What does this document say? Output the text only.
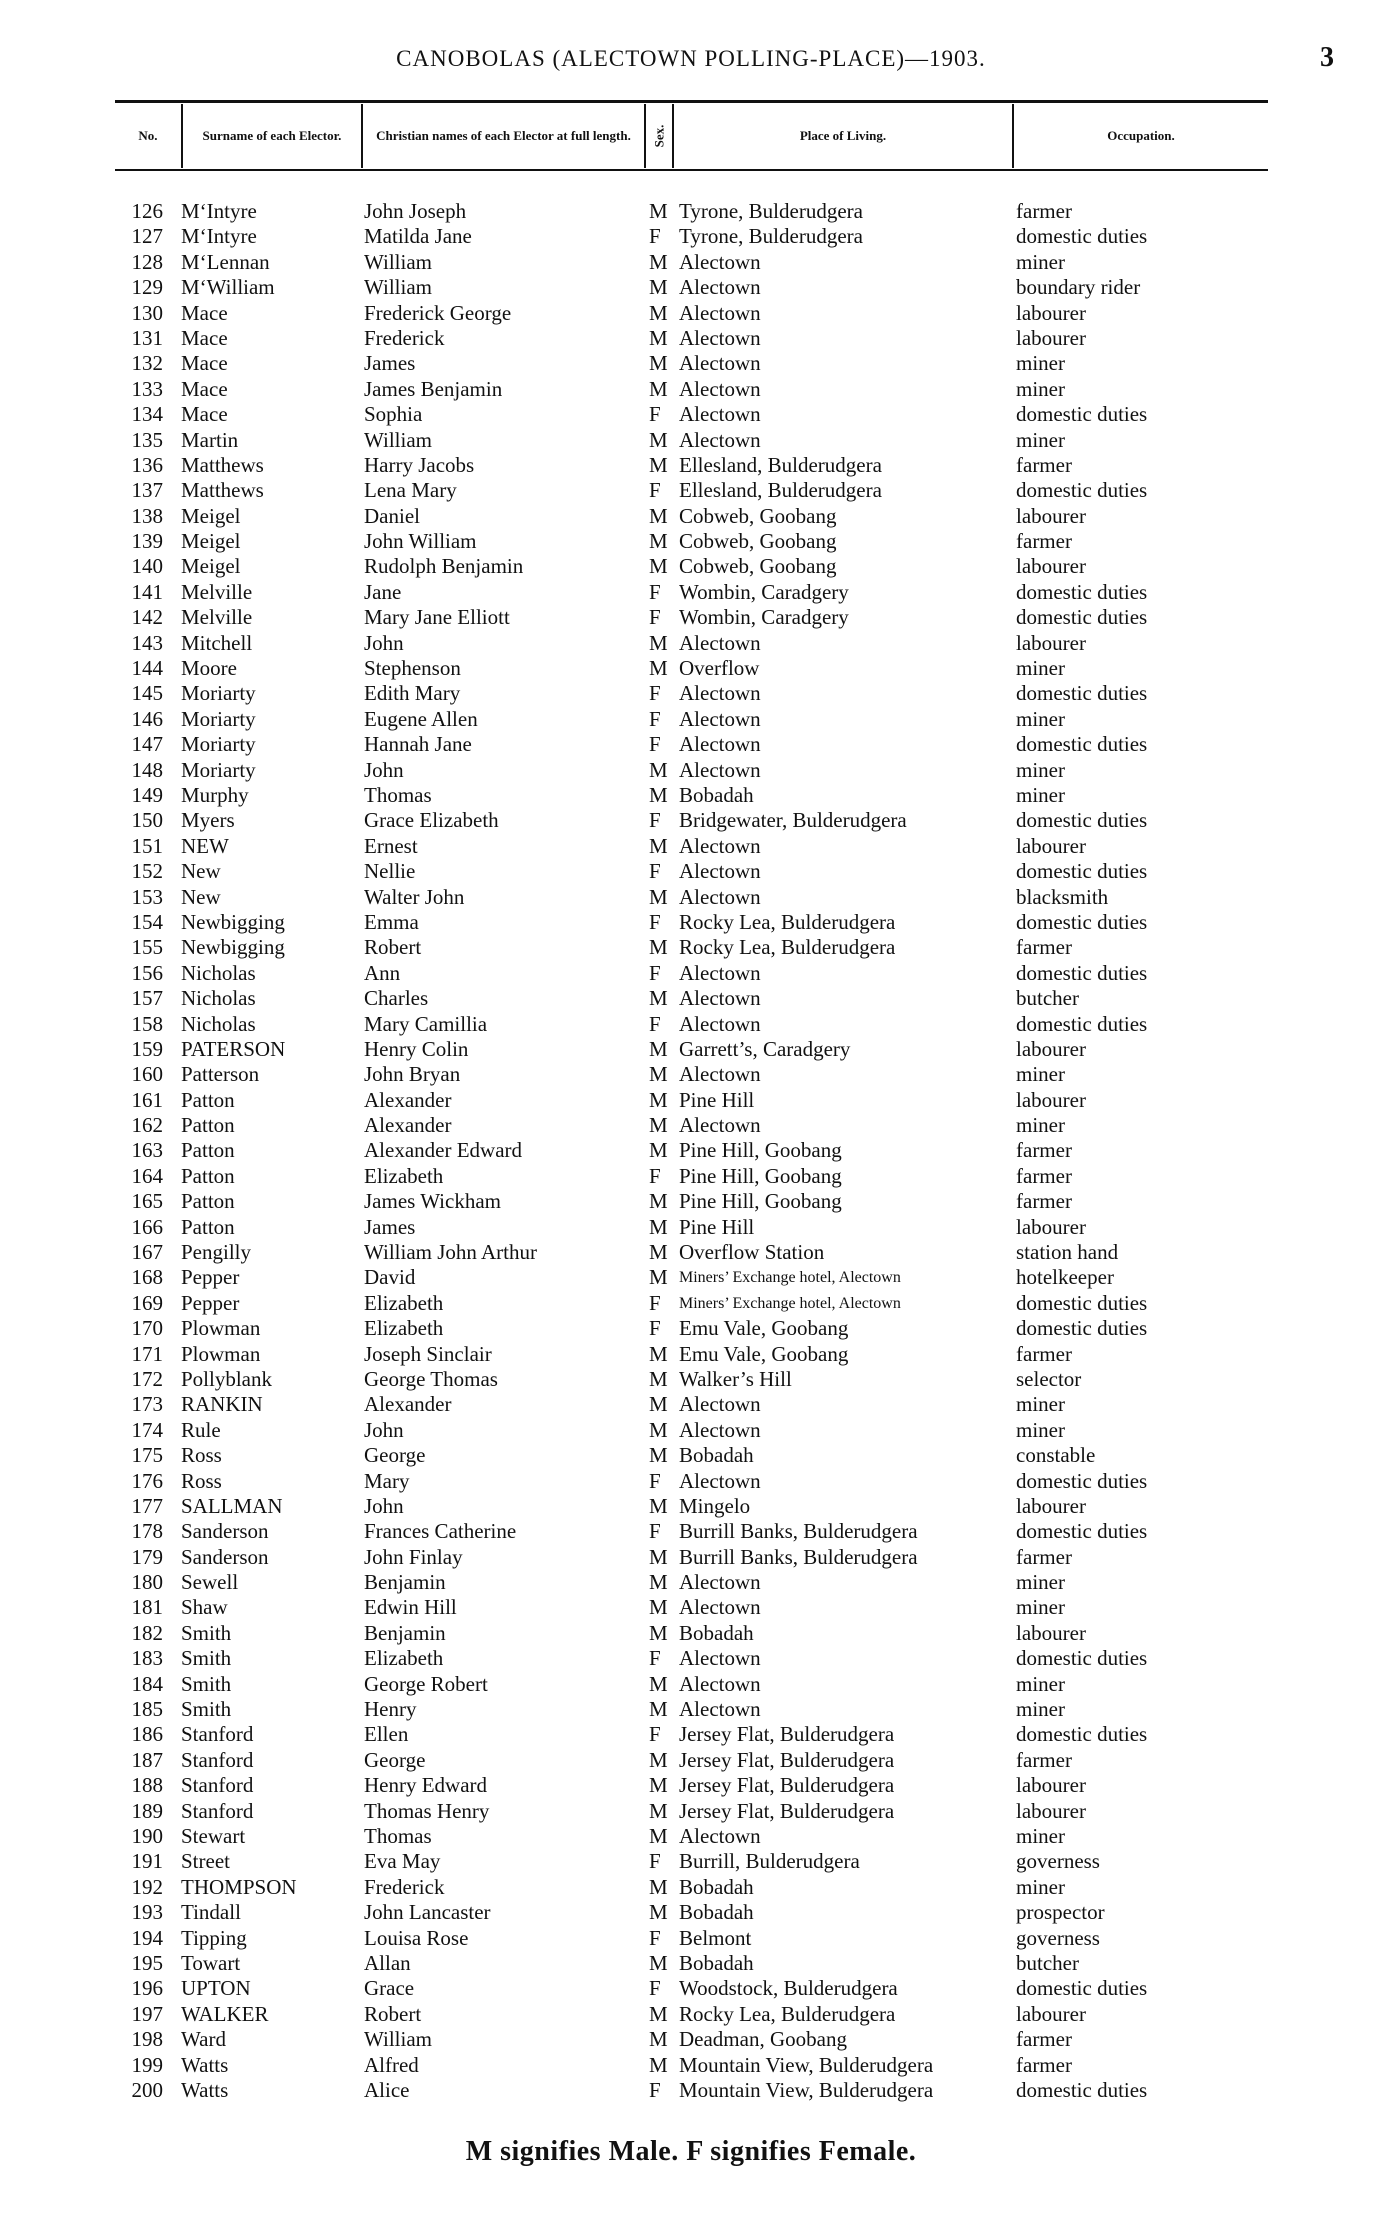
CANOBOLAS (ALECTOWN POLLING-PLACE)—1903.	3
No.	Surname of each Elector.	Christian names of each Elector at full length. Sex.	Place of Living.	Occupation.
126 M‘Intyre	John Joseph	M Tyrone, Bulderudgera	farmer
127 M‘Intyre	Matilda Jane	F Tyrone, Bulderudgera	domestic duties
128 M‘Lennan	William	M Alectown	miner
129 M‘William	William	M Alectown	boundary rider
130 Mace	Frederick George	M Alectown	labourer
131 Mace	Frederick	M Alectown	labourer
132 Mace	James	M Alectown	miner
133 Mace	James Benjamin	M Alectown	miner
134 Mace	Sophia	F Alectown	domestic duties
135 Martin	William	M Alectown	miner
136 Matthews	Harry Jacobs	M Ellesland, Bulderudgera	farmer
137 Matthews	Lena Mary	F Ellesland, Bulderudgera	domestic duties
138 Meigel	Daniel	M Cobweb, Goobang	labourer
139 Meigel	John William	M Cobweb, Goobang	farmer
140 Meigel	Rudolph Benjamin	M Cobweb, Goobang	labourer
141 Melville	Jane	F Wombin, Caradgery	domestic duties
142 Melville	Mary Jane Elliott	F Wombin, Caradgery	domestic duties
143 Mitchell	John	M Alectown	labourer
144 Moore	Stephenson	M Overflow	miner
145 Moriarty	Edith Mary	F Alectown	domestic duties
146 Moriarty	Eugene Allen	F Alectown	miner
147 Moriarty	Hannah Jane	F Alectown	domestic duties
148 Moriarty	John	M Alectown	miner
149 Murphy	Thomas	M Bobadah	miner
150 Myers	Grace Elizabeth	F Bridgewater, Bulderudgera	domestic duties
151 NEW	Ernest	M Alectown	labourer
152 New	Nellie	F Alectown	domestic duties
153 New	Walter John	M Alectown	blacksmith
154 Newbigging	Emma	F Rocky Lea, Bulderudgera	domestic duties
155 Newbigging	Robert	M Rocky Lea, Bulderudgera	farmer
156 Nicholas	Ann	F Alectown	domestic duties
157 Nicholas	Charles	M Alectown	butcher
158 Nicholas	Mary Camillia	F Alectown	domestic duties
159 PATERSON	Henry Colin	M Garrett’s, Caradgery	labourer
160 Patterson	John Bryan	M Alectown	miner
161 Patton	Alexander	M Pine Hill	labourer
162 Patton	Alexander	M Alectown	miner
163 Patton	Alexander Edward	M Pine Hill, Goobang	farmer
164 Patton	Elizabeth	F Pine Hill, Goobang	farmer
165 Patton	James Wickham	M Pine Hill, Goobang	farmer
166 Patton	James	M Pine Hill	labourer
167 Pengilly	William John Arthur	M Overflow Station	station hand
168 Pepper	David	M Miners’ Exchange hotel, Alectown	hotelkeeper
169 Pepper	Elizabeth	F Miners’ Exchange hotel, Alectown	domestic duties
170 Plowman	Elizabeth	F Emu Vale, Goobang	domestic duties
171 Plowman	Joseph Sinclair	M Emu Vale, Goobang	farmer
172 Pollyblank	George Thomas	M Walker’s Hill	selector
173 RANKIN	Alexander	M Alectown	miner
174 Rule	John	M Alectown	miner
175 Ross	George	M Bobadah	constable
176 Ross	Mary	F Alectown	domestic duties
177 SALLMAN	John	M Mingelo	labourer
178 Sanderson	Frances Catherine	F Burrill Banks, Bulderudgera	domestic duties
179 Sanderson	John Finlay	M Burrill Banks, Bulderudgera	farmer
180 Sewell	Benjamin	M Alectown	miner
181 Shaw	Edwin Hill	M Alectown	miner
182 Smith	Benjamin	M Bobadah	labourer
183 Smith	Elizabeth	F Alectown	domestic duties
184 Smith	George Robert	M Alectown	miner
185 Smith	Henry	M Alectown	miner
186 Stanford	Ellen	F Jersey Flat, Bulderudgera	domestic duties
187 Stanford	George	M Jersey Flat, Bulderudgera	farmer
188 Stanford	Henry Edward	M Jersey Flat, Bulderudgera	labourer
189 Stanford	Thomas Henry	M Jersey Flat, Bulderudgera	labourer
190 Stewart	Thomas	M Alectown	miner
191 Street	Eva May	F Burrill, Bulderudgera	governess
192 THOMPSON	Frederick	M Bobadah	miner
193 Tindall	John Lancaster	M Bobadah	prospector
194 Tipping	Louisa Rose	F Belmont	governess
195 Towart	Allan	M Bobadah	butcher
196 UPTON	Grace	F Woodstock, Bulderudgera	domestic duties
197 WALKER	Robert	M Rocky Lea, Bulderudgera	labourer
198 Ward	William	M Deadman, Goobang	farmer
199 Watts	Alfred	M Mountain View, Bulderudgera	farmer
200 Watts	Alice	F Mountain View, Bulderudgera	domestic duties
M signifies Male. F signifies Female.
